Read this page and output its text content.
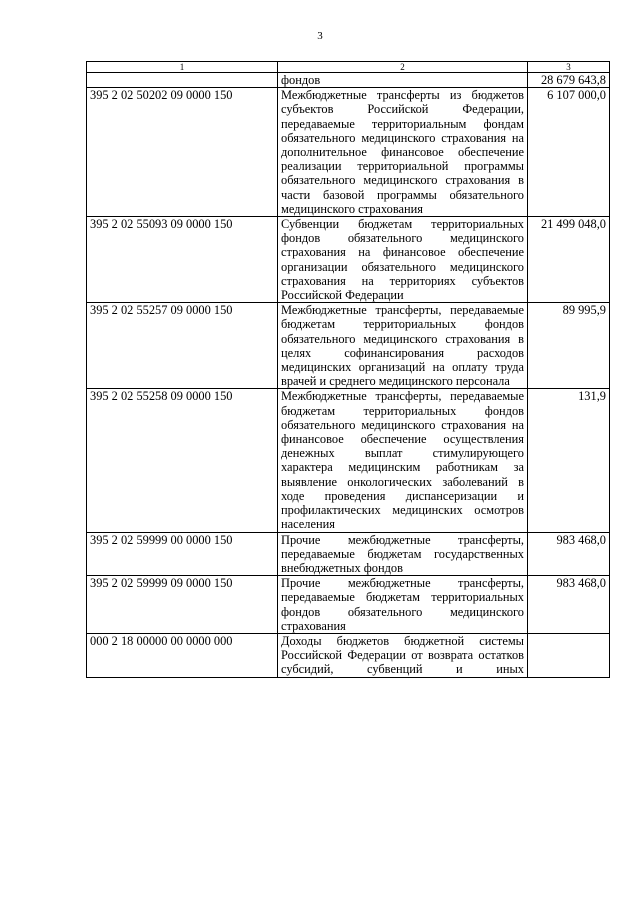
3
1	2	3
	фондов	28 679 643,8
395 2 02 50202 09 0000 150	Межбюджетные трансферты из бюджетов субъектов Российской Федерации, передаваемые территориальным фондам обязательного медицинского страхования на дополнительное финансовое обеспечение реализации территориальной программы обязательного медицинского страхования в части базовой программы обязательного медицинского страхования	6 107 000,0
395 2 02 55093 09 0000 150	Субвенции бюджетам территориальных фондов обязательного медицинского страхования на финансовое обеспечение организации обязательного медицинского страхования на территориях субъектов Российской Федерации	21 499 048,0
395 2 02 55257 09 0000 150	Межбюджетные трансферты, передаваемые бюджетам территориальных фондов обязательного медицинского страхования в целях софинансирования расходов медицинских организаций на оплату труда врачей и среднего медицинского персонала	89 995,9
395 2 02 55258 09 0000 150	Межбюджетные трансферты, передаваемые бюджетам территориальных фондов обязательного медицинского страхования на финансовое обеспечение осуществления денежных выплат стимулирующего характера медицинским работникам за выявление онкологических заболеваний в ходе проведения диспансеризации и профилактических медицинских осмотров населения	131,9
395 2 02 59999 00 0000 150	Прочие межбюджетные трансферты, передаваемые бюджетам государственных внебюджетных фондов	983 468,0
395 2 02 59999 09 0000 150	Прочие межбюджетные трансферты, передаваемые бюджетам территориальных фондов обязательного медицинского страхования	983 468,0
000 2 18 00000 00 0000 000	Доходы бюджетов бюджетной системы Российской Федерации от возврата остатков субсидий, субвенций и иных	
